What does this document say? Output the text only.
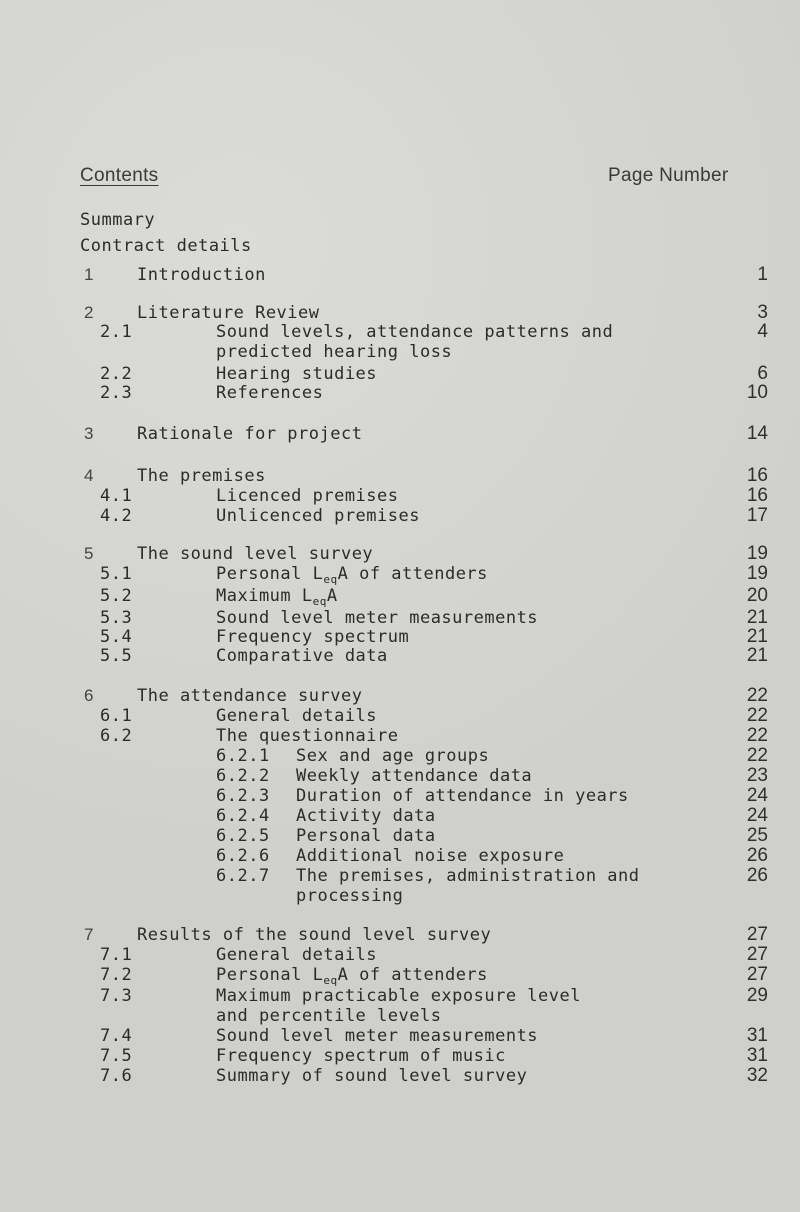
Contents	Page Number
Summary
Contract details
1	Introduction	1
2	Literature Review	3
2.1	Sound levels, attendance patterns and
predicted hearing loss
4
2.2	Hearing studies	6
2.3	References	10
3	Rationale for project	14
4	The premises	16
4.1	Licenced premises	16
4.2	Unlicenced premises	17
5	The sound level survey	19
5.1	Personal $L_{eq}A$ of attenders	19
5.2	Maximum $L_{eq}A$	20
5.3	Sound level meter measurements	21
5.4	Frequency spectrum	21
5.5	Comparative data	21
6	The attendance survey	22
6.1	General details	22
6.2	The questionnaire	22
6.2.1 Sex and age groups	22
6.2.2 Weekly attendance data	23
6.2.3 Duration of attendance in years	24
6.2.4 Activity data	24
6.2.5 Personal data	25
6.2.6 Additional noise exposure	26
6.2.7 The premises, administration and
processing
26
7	Results of the sound level survey	27
7.1	General details	27
7.2	Personal $L_{eq}A$ of attenders	27
7.3	Maximum practicable exposure level
and percentile levels
29
7.4	Sound level meter measurements	31
7.5	Frequency spectrum of music	31
7.6	Summary of sound level survey	32
